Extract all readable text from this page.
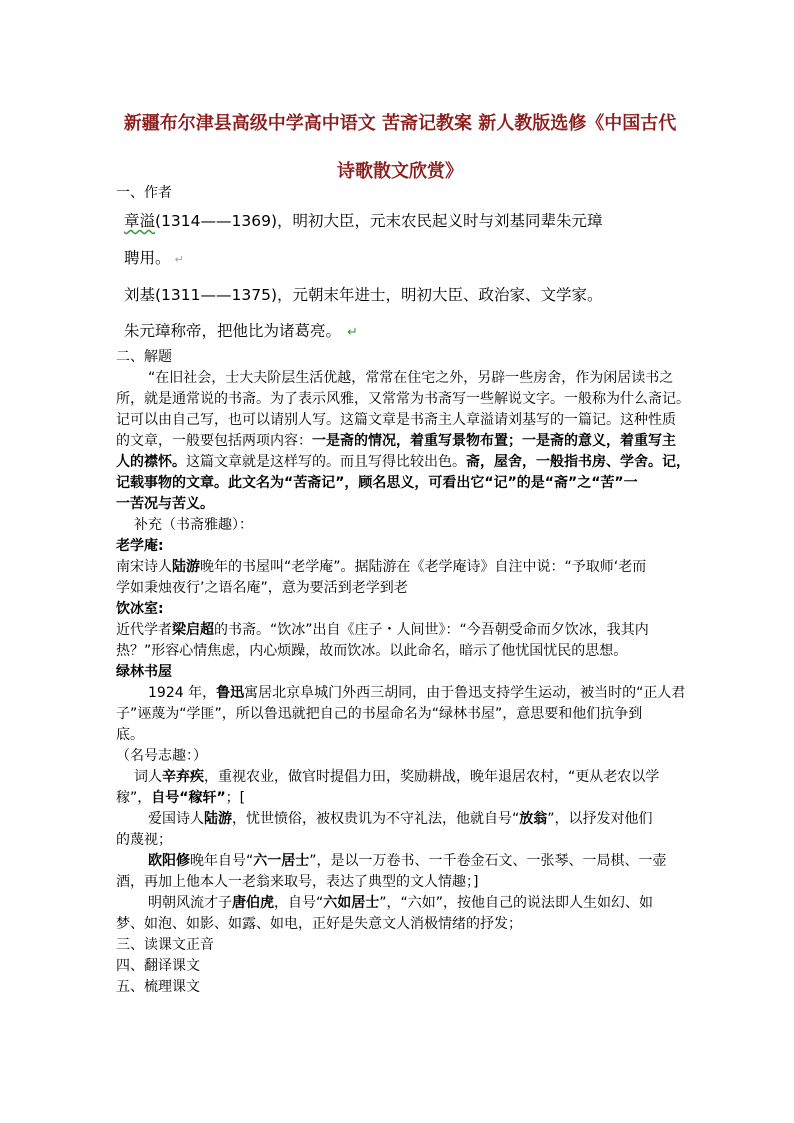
新疆布尔津县高级中学高中语文 苦斋记教案 新人教版选修《中国古代
诗歌散文欣赏》
一、作者
章溢(1314——1369)，明初大臣，元末农民起义时与刘基同辈朱元璋
聘用。 ↵
刘基(1311——1375)，元朝末年进士，明初大臣、政治家、文学家。
朱元璋称帝，把他比为诸葛亮。 ↵
二、解题
“在旧社会，士大夫阶层生活优越，常常在住宅之外，另辟一些房舍，作为闲居读书之
所，就是通常说的书斋。为了表示风雅，又常常为书斋写一些解说文字。一般称为什么斋记。
记可以由自己写，也可以请别人写。这篇文章是书斋主人章溢请刘基写的一篇记。这种性质
的文章，一般要包括两项内容：一是斋的情况，着重写景物布置；一是斋的意义，着重写主
人的襟怀。这篇文章就是这样写的。而且写得比较出色。斋，屋舍，一般指书房、学舍。记，
记载事物的文章。此文名为“苦斋记”，顾名思义，可看出它“记”的是“斋”之“苦”一
一苦况与苦义。
补充（书斋雅趣）：
老学庵:
南宋诗人陆游晚年的书屋叫“老学庵”。据陆游在《老学庵诗》自注中说：“予取师‘老而
学如秉烛夜行’之语名庵”，意为要活到老学到老
饮冰室:
近代学者梁启超的书斋。“饮冰”出自《庄子・人间世》：“今吾朝受命而夕饮冰，我其内
热？”形容心情焦虑，内心烦躁，故而饮冰。以此命名，暗示了他忧国忧民的思想。
绿林书屋
1924 年，鲁迅寓居北京阜城门外西三胡同，由于鲁迅支持学生运动，被当时的“正人君
子”诬蔑为“学匪”，所以鲁迅就把自己的书屋命名为“绿林书屋”，意思要和他们抗争到
底。
（名号志趣：）
词人辛弃疾，重视农业，做官时提倡力田，奖励耕战，晚年退居农村，“更从老农以学
稼”，自号“稼轩”；[
爱国诗人陆游，忧世愤俗，被权贵讥为不守礼法，他就自号“放翁”，以抒发对他们
的蔑视；
欧阳修晚年自号“六一居士”，是以一万卷书、一千卷金石文、一张琴、一局棋、一壶
酒，再加上他本人一老翁来取号，表达了典型的文人情趣；]
明朝风流才子唐伯虎，自号“六如居士”，“六如”，按他自己的说法即人生如幻、如
梦、如泡、如影、如露、如电，正好是失意文人消极情绪的抒发；
三、读课文正音
四、翻译课文
五、梳理课文
